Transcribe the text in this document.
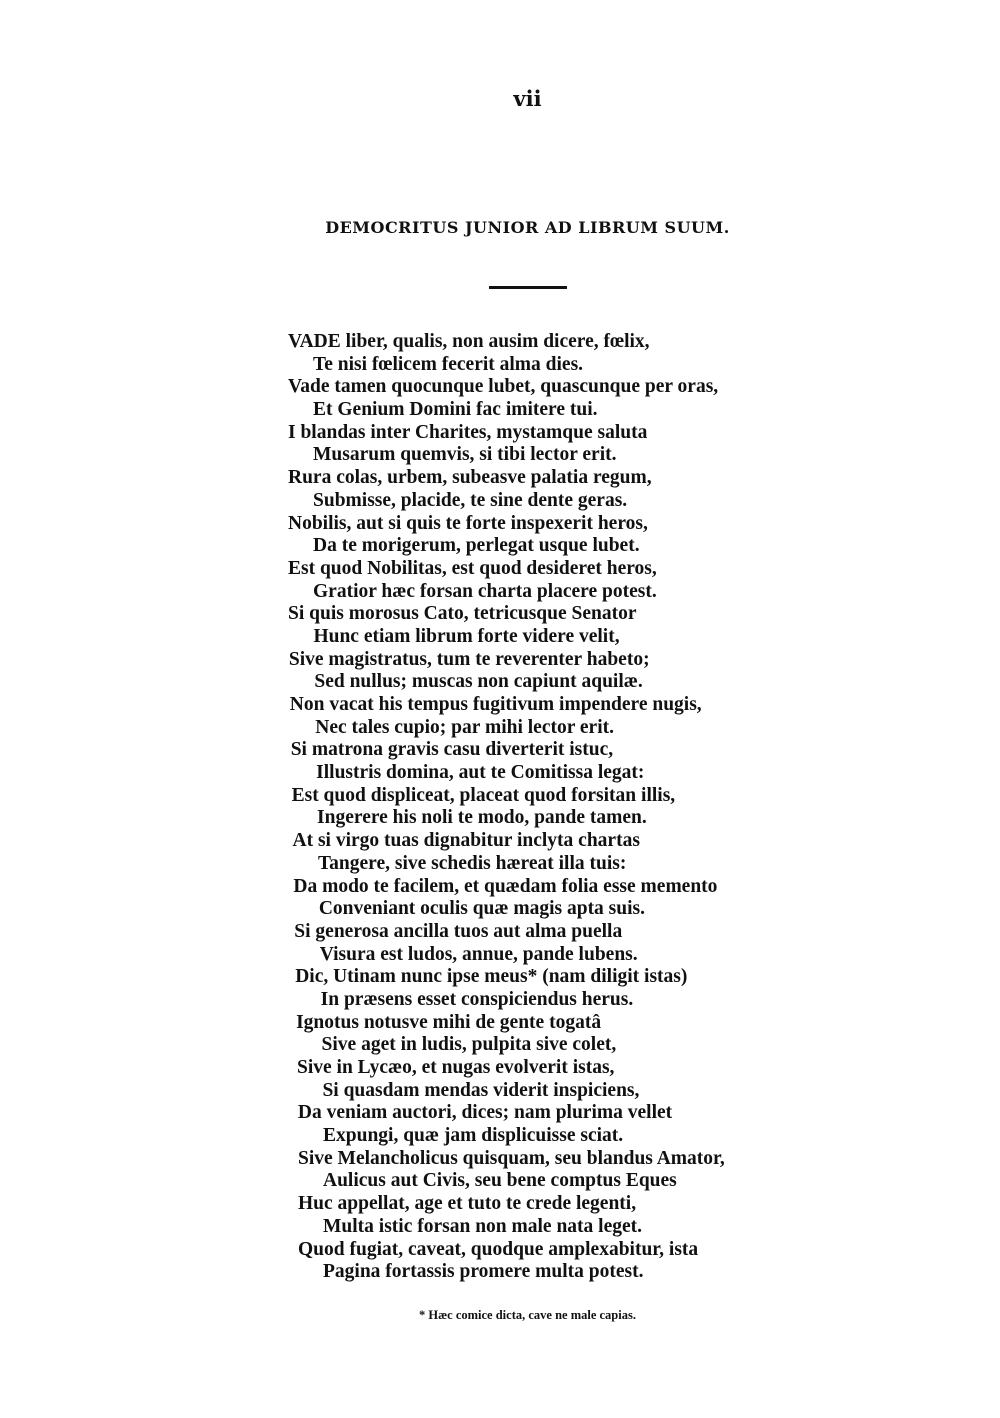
vii
DEMOCRITUS JUNIOR AD LIBRUM SUUM.
VADE liber, qualis, non ausim dicere, fœlix,
Te nisi fœlicem fecerit alma dies.
Vade tamen quocunque lubet, quascunque per oras,
Et Genium Domini fac imitere tui.
I blandas inter Charites, mystamque saluta
Musarum quemvis, si tibi lector erit.
Rura colas, urbem, subeasve palatia regum,
Submisse, placide, te sine dente geras.
Nobilis, aut si quis te forte inspexerit heros,
Da te morigerum, perlegat usque lubet.
Est quod Nobilitas, est quod desideret heros,
Gratior hæc forsan charta placere potest.
Si quis morosus Cato, tetricusque Senator
Hunc etiam librum forte videre velit,
Sive magistratus, tum te reverenter habeto;
Sed nullus; muscas non capiunt aquilæ.
Non vacat his tempus fugitivum impendere nugis,
Nec tales cupio; par mihi lector erit.
Si matrona gravis casu diverterit istuc,
Illustris domina, aut te Comitissa legat:
Est quod displiceat, placeat quod forsitan illis,
Ingerere his noli te modo, pande tamen.
At si virgo tuas dignabitur inclyta chartas
Tangere, sive schedis hæreat illa tuis:
Da modo te facilem, et quædam folia esse memento
Conveniant oculis quæ magis apta suis.
Si generosa ancilla tuos aut alma puella
Visura est ludos, annue, pande lubens.
Dic, Utinam nunc ipse meus* (nam diligit istas)
In præsens esset conspiciendus herus.
Ignotus notusve mihi de gente togatâ
Sive aget in ludis, pulpita sive colet,
Sive in Lycæo, et nugas evolverit istas,
Si quasdam mendas viderit inspiciens,
Da veniam auctori, dices; nam plurima vellet
Expungi, quæ jam displicuisse sciat.
Sive Melancholicus quisquam, seu blandus Amator,
Aulicus aut Civis, seu bene comptus Eques
Huc appellat, age et tuto te crede legenti,
Multa istic forsan non male nata leget.
Quod fugiat, caveat, quodque amplexabitur, ista
Pagina fortassis promere multa potest.
* Hæc comice dicta, cave ne male capias.
